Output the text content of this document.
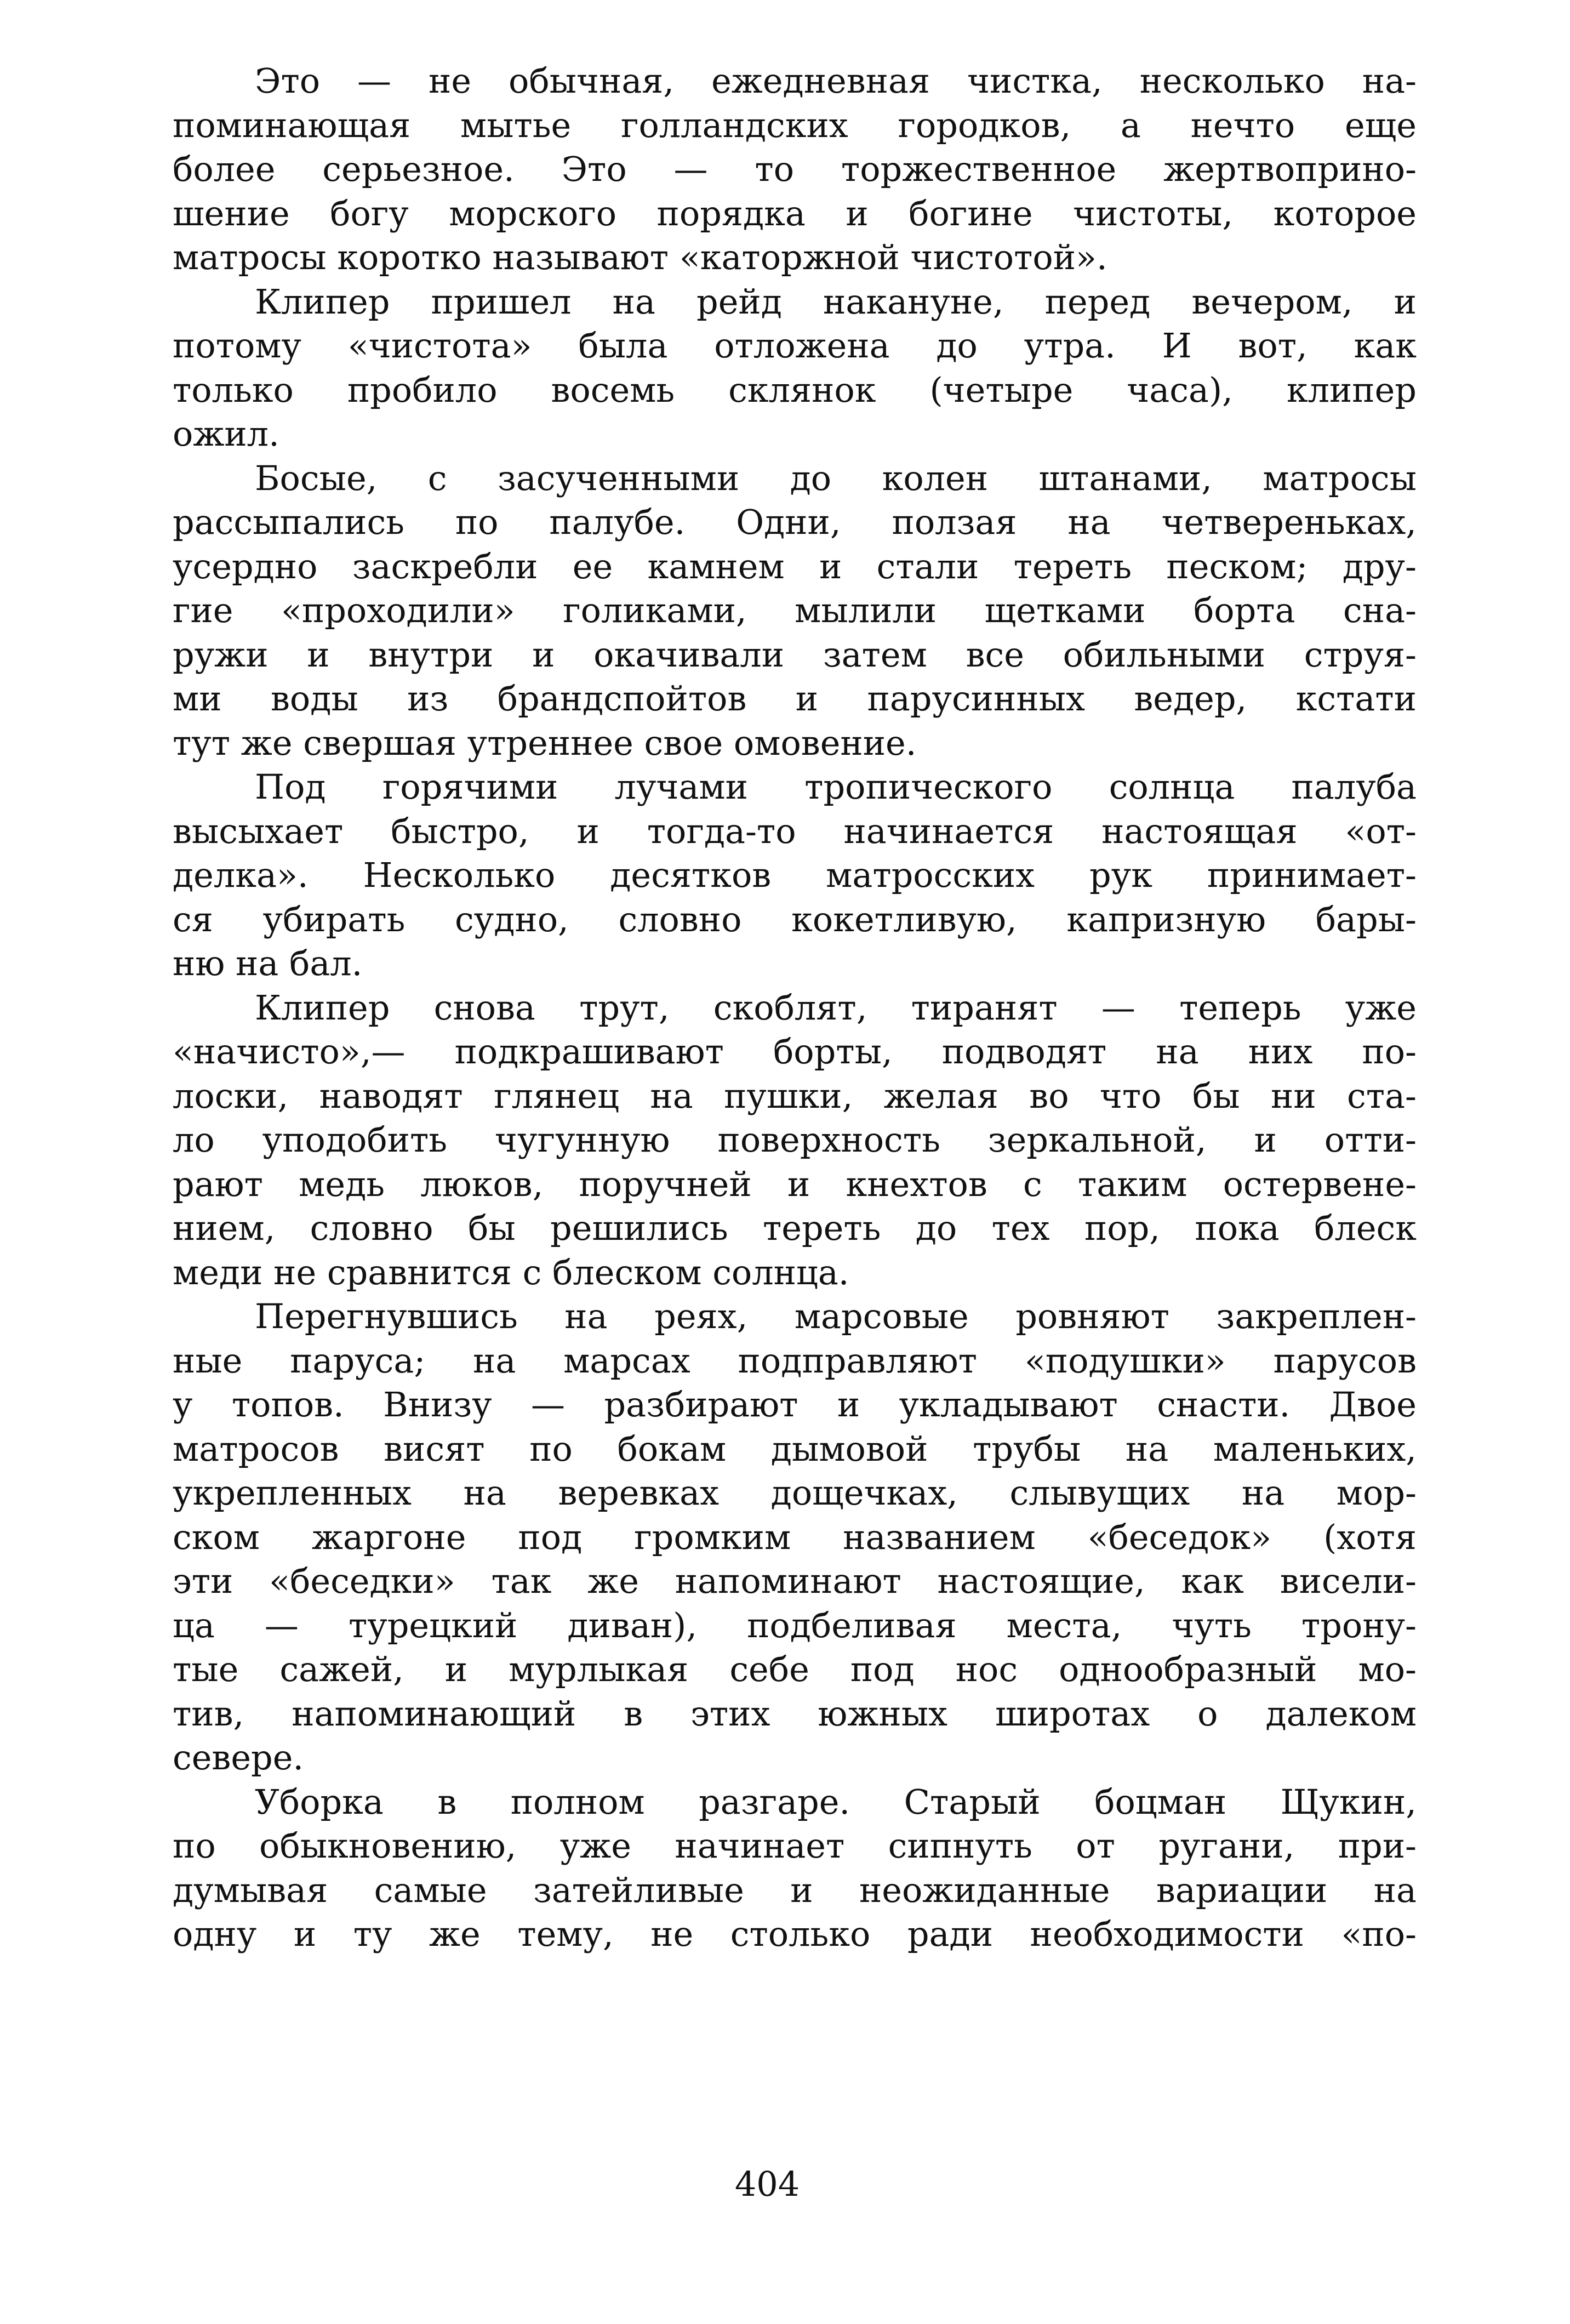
Это — не обычная, ежедневная чистка, несколько на-
поминающая мытье голландских городков, а нечто еще
более серьезное. Это — то торжественное жертвоприно-
шение богу морского порядка и богине чистоты, которое
матросы коротко называют «каторжной чистотой».
Клипер пришел на рейд накануне, перед вечером, и
потому «чистота» была отложена до утра. И вот, как
только пробило восемь склянок (четыре часа), клипер
ожил.
Босые, с засученными до колен штанами, матросы
рассыпались по палубе. Одни, ползая на четвереньках,
усердно заскребли ее камнем и стали тереть песком; дру-
гие «проходили» голиками, мылили щетками борта сна-
ружи и внутри и окачивали затем все обильными струя-
ми воды из брандспойтов и парусинных ведер, кстати
тут же свершая утреннее свое омовение.
Под горячими лучами тропического солнца палуба
высыхает быстро, и тогда-то начинается настоящая «от-
делка». Несколько десятков матросских рук принимает-
ся убирать судно, словно кокетливую, капризную бары-
ню на бал.
Клипер снова трут, скоблят, тиранят — теперь уже
«начисто»,— подкрашивают борты, подводят на них по-
лоски, наводят глянец на пушки, желая во что бы ни ста-
ло уподобить чугунную поверхность зеркальной, и отти-
рают медь люков, поручней и кнехтов с таким остервене-
нием, словно бы решились тереть до тех пор, пока блеск
меди не сравнится с блеском солнца.
Перегнувшись на реях, марсовые ровняют закреплен-
ные паруса; на марсах подправляют «подушки» парусов
у топов. Внизу — разбирают и укладывают снасти. Двое
матросов висят по бокам дымовой трубы на маленьких,
укрепленных на веревках дощечках, слывущих на мор-
ском жаргоне под громким названием «беседок» (хотя
эти «беседки» так же напоминают настоящие, как висели-
ца — турецкий диван), подбеливая места, чуть трону-
тые сажей, и мурлыкая себе под нос однообразный мо-
тив, напоминающий в этих южных широтах о далеком
севере.
Уборка в полном разгаре. Старый боцман Щукин,
по обыкновению, уже начинает сипнуть от ругани, при-
думывая самые затейливые и неожиданные вариации на
одну и ту же тему, не столько ради необходимости «по-
404
